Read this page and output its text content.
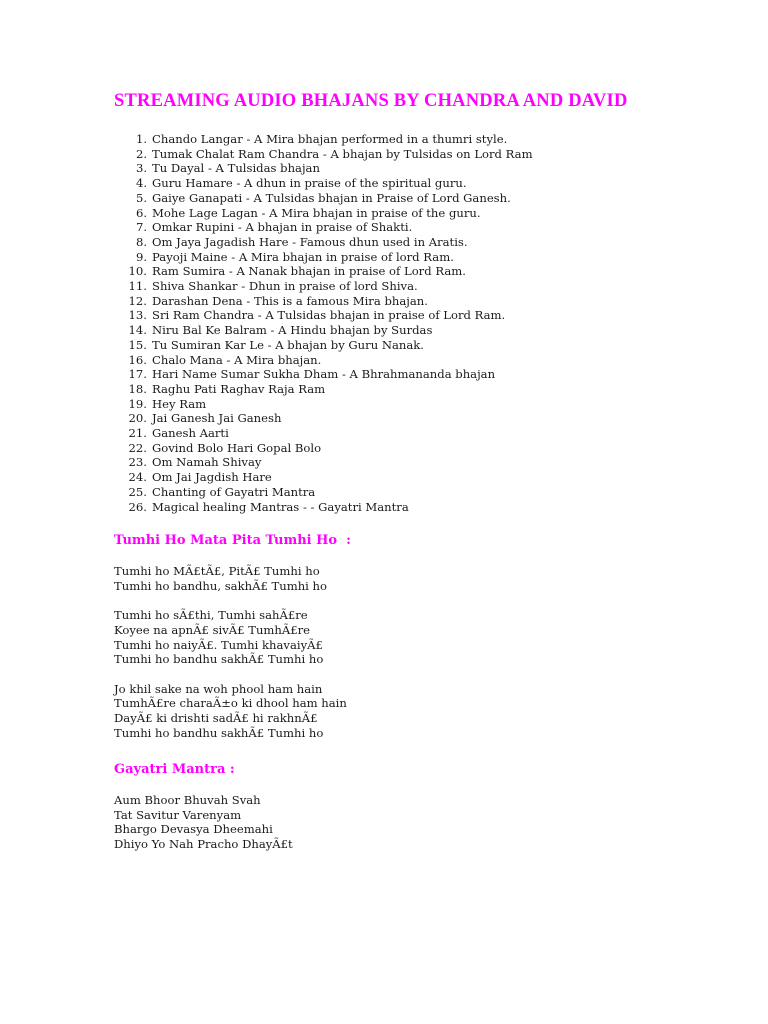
STREAMING AUDIO BHAJANS BY CHANDRA AND DAVID
1. Chando Langar - A Mira bhajan performed in a thumri style.
2. Tumak Chalat Ram Chandra - A bhajan by Tulsidas on Lord Ram
3. Tu Dayal - A Tulsidas bhajan
4. Guru Hamare - A dhun in praise of the spiritual guru.
5. Gaiye Ganapati - A Tulsidas bhajan in Praise of Lord Ganesh.
6. Mohe Lage Lagan - A Mira bhajan in praise of the guru.
7. Omkar Rupini - A bhajan in praise of Shakti.
8. Om Jaya Jagadish Hare - Famous dhun used in Aratis.
9. Payoji Maine - A Mira bhajan in praise of lord Ram.
10. Ram Sumira - A Nanak bhajan in praise of Lord Ram.
11. Shiva Shankar - Dhun in praise of lord Shiva.
12. Darashan Dena - This is a famous Mira bhajan.
13. Sri Ram Chandra - A Tulsidas bhajan in praise of Lord Ram.
14. Niru Bal Ke Balram - A Hindu bhajan by Surdas
15. Tu Sumiran Kar Le - A bhajan by Guru Nanak.
16. Chalo Mana - A Mira bhajan.
17. Hari Name Sumar Sukha Dham - A Bhrahmananda bhajan
18. Raghu Pati Raghav Raja Ram
19. Hey Ram
20. Jai Ganesh Jai Ganesh
21. Ganesh Aarti
22. Govind Bolo Hari Gopal Bolo
23. Om Namah Shivay
24. Om Jai Jagdish Hare
25. Chanting of Gayatri Mantra
26. Magical healing Mantras - - Gayatri Mantra
Tumhi Ho Mata Pita Tumhi Ho  :
Tumhi ho MÃ£tÃ£, PitÃ£ Tumhi ho
Tumhi ho bandhu, sakhÃ£ Tumhi ho
Tumhi ho sÃ£thi, Tumhi sahÃ£re
Koyee na apnÃ£ sivÃ£ TumhÃ£re
Tumhi ho naiyÃ£. Tumhi khavaiyÃ£
Tumhi ho bandhu sakhÃ£ Tumhi ho
Jo khil sake na woh phool ham hain
TumhÃ£re charaÃ±o ki dhool ham hain
DayÃ£ ki drishti sadÃ£ hi rakhnÃ£
Tumhi ho bandhu sakhÃ£ Tumhi ho
Gayatri Mantra :
Aum Bhoor Bhuvah Svah
Tat Savitur Varenyam
Bhargo Devasya Dheemahi
Dhiyo Yo Nah Pracho DhayÃ£t
